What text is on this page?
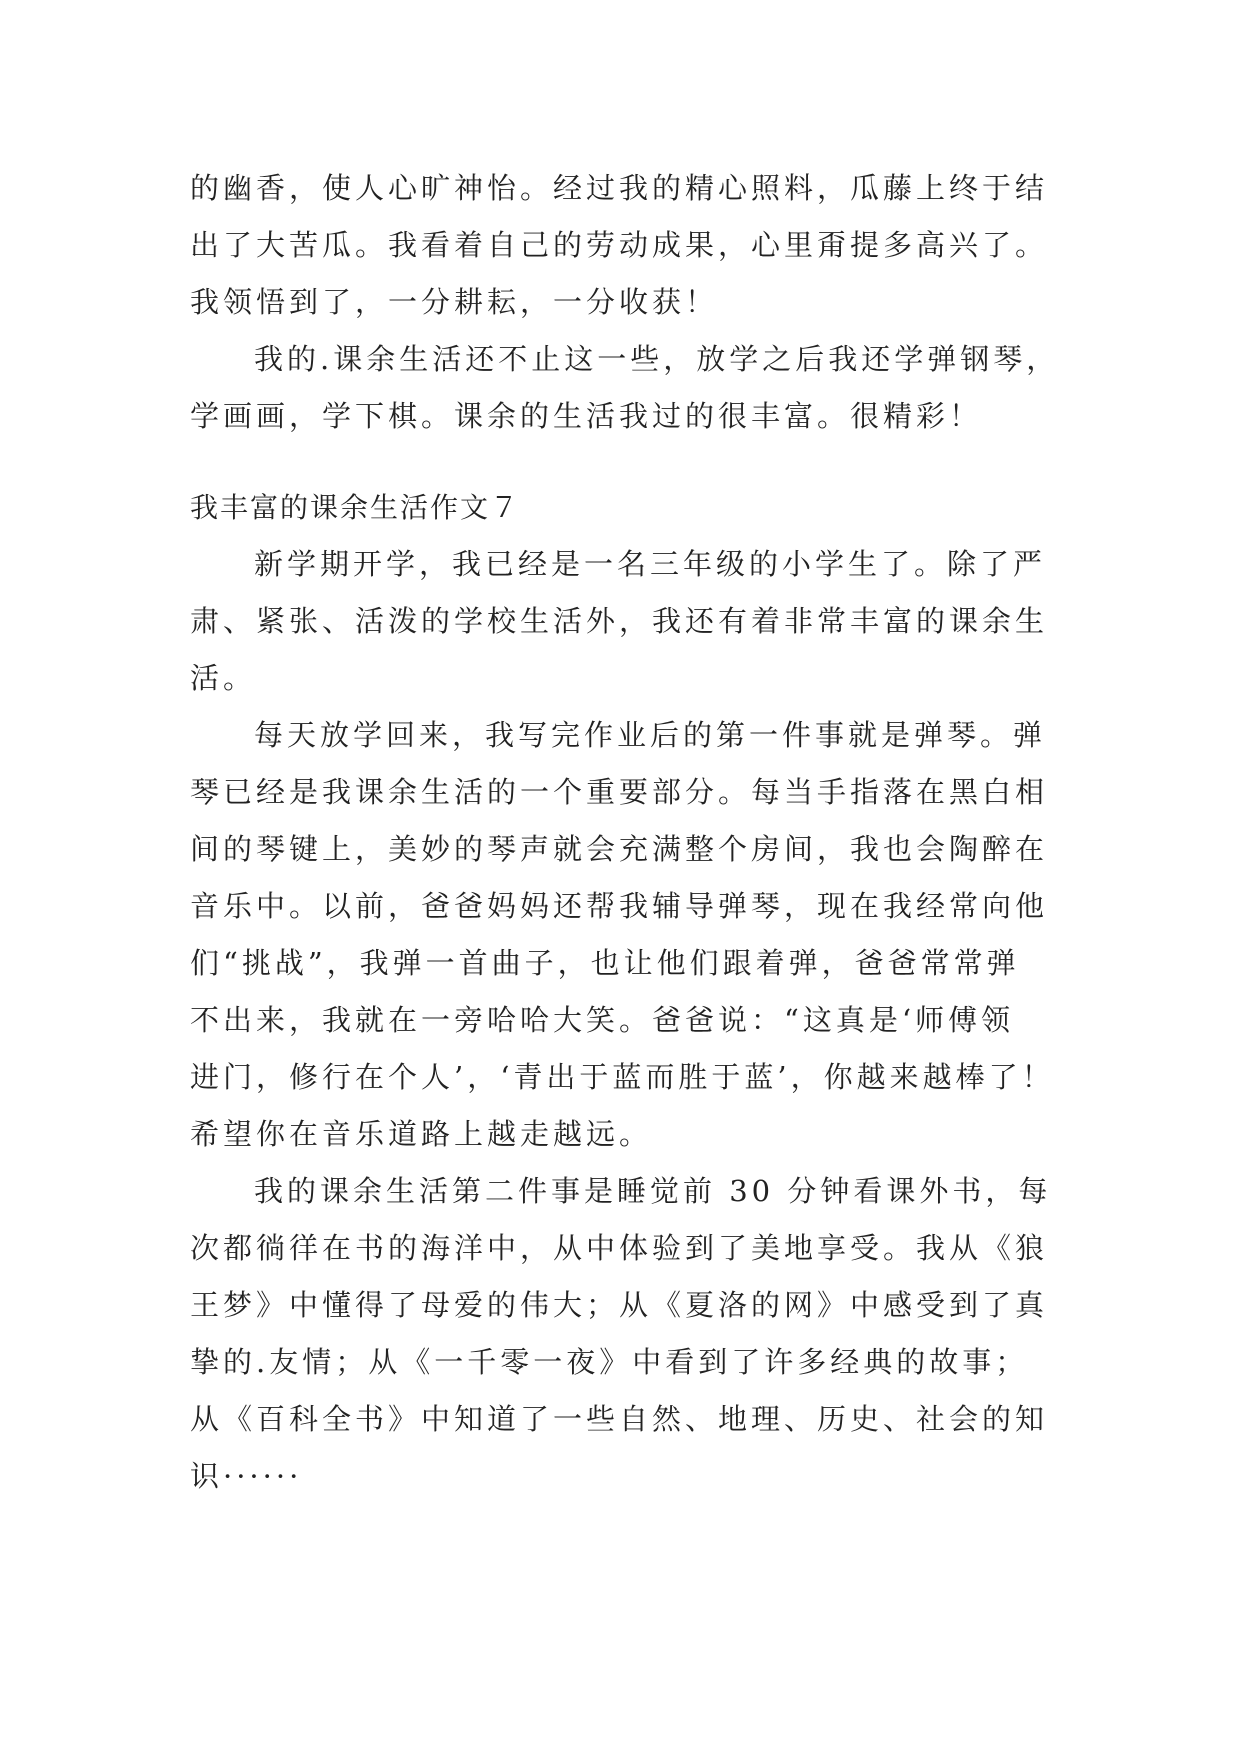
的幽香，使人心旷神怡。经过我的精心照料，瓜藤上终于结
出了大苦瓜。我看着自己的劳动成果，心里甭提多高兴了。
我领悟到了，一分耕耘，一分收获！
我的.课余生活还不止这一些，放学之后我还学弹钢琴，
学画画，学下棋。课余的生活我过的很丰富。很精彩！
我丰富的课余生活作文７
新学期开学，我已经是一名三年级的小学生了。除了严
肃、紧张、活泼的学校生活外，我还有着非常丰富的课余生
活。
每天放学回来，我写完作业后的第一件事就是弹琴。弹
琴已经是我课余生活的一个重要部分。每当手指落在黑白相
间的琴键上，美妙的琴声就会充满整个房间，我也会陶醉在
音乐中。以前，爸爸妈妈还帮我辅导弹琴，现在我经常向他
们“挑战”，我弹一首曲子，也让他们跟着弹，爸爸常常弹
不出来，我就在一旁哈哈大笑。爸爸说：“这真是‘师傅领
进门，修行在个人’，‘青出于蓝而胜于蓝’，你越来越棒了！
希望你在音乐道路上越走越远。
我的课余生活第二件事是睡觉前 30 分钟看课外书，每
次都徜徉在书的海洋中，从中体验到了美地享受。我从《狼
王梦》中懂得了母爱的伟大；从《夏洛的网》中感受到了真
挚的.友情；从《一千零一夜》中看到了许多经典的故事；
从《百科全书》中知道了一些自然、地理、历史、社会的知
识······
